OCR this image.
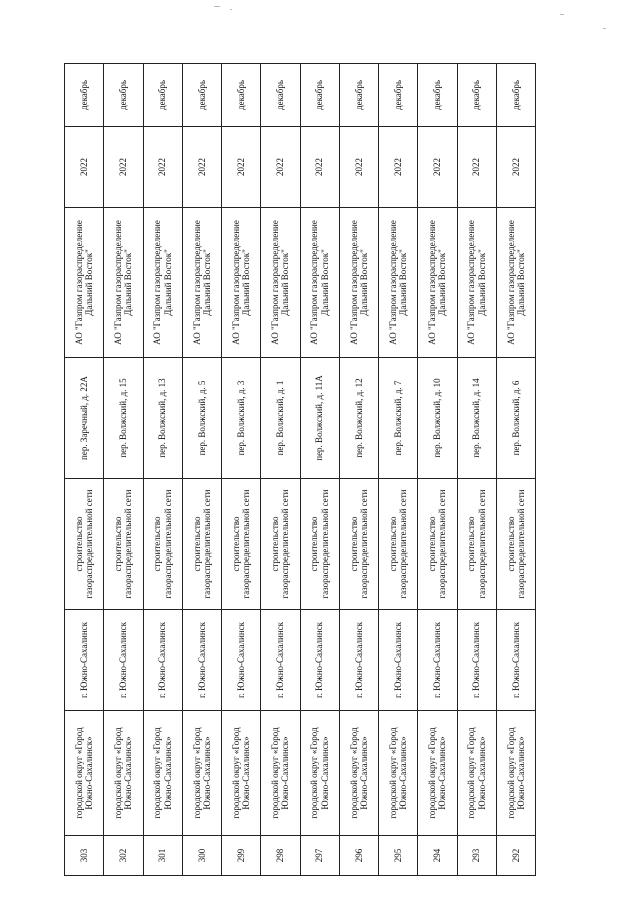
303	городской округ «Город Южно-Сахалинск»	г. Южно-Сахалинск	строительство газораспределительной сети	пер. Заречный, д. 22А	АО "Газпром газораспределение Дальний Восток"	2022	декабрь
302	городской округ «Город Южно-Сахалинск»	г. Южно-Сахалинск	строительство газораспределительной сети	пер. Волжский, д. 15	АО "Газпром газораспределение Дальний Восток"	2022	декабрь
301	городской округ «Город Южно-Сахалинск»	г. Южно-Сахалинск	строительство газораспределительной сети	пер. Волжский, д. 13	АО "Газпром газораспределение Дальний Восток"	2022	декабрь
300	городской округ «Город Южно-Сахалинск»	г. Южно-Сахалинск	строительство газораспределительной сети	пер. Волжский, д. 5	АО "Газпром газораспределение Дальний Восток"	2022	декабрь
299	городской округ «Город Южно-Сахалинск»	г. Южно-Сахалинск	строительство газораспределительной сети	пер. Волжский, д. 3	АО "Газпром газораспределение Дальний Восток"	2022	декабрь
298	городской округ «Город Южно-Сахалинск»	г. Южно-Сахалинск	строительство газораспределительной сети	пер. Волжский, д. 1	АО "Газпром газораспределение Дальний Восток"	2022	декабрь
297	городской округ «Город Южно-Сахалинск»	г. Южно-Сахалинск	строительство газораспределительной сети	пер. Волжский, д. 11А	АО "Газпром газораспределение Дальний Восток"	2022	декабрь
296	городской округ «Город Южно-Сахалинск»	г. Южно-Сахалинск	строительство газораспределительной сети	пер. Волжский, д. 12	АО "Газпром газораспределение Дальний Восток"	2022	декабрь
295	городской округ «Город Южно-Сахалинск»	г. Южно-Сахалинск	строительство газораспределительной сети	пер. Волжский, д. 7	АО "Газпром газораспределение Дальний Восток"	2022	декабрь
294	городской округ «Город Южно-Сахалинск»	г. Южно-Сахалинск	строительство газораспределительной сети	пер. Волжский, д. 10	АО "Газпром газораспределение Дальний Восток"	2022	декабрь
293	городской округ «Город Южно-Сахалинск»	г. Южно-Сахалинск	строительство газораспределительной сети	пер. Волжский, д. 14	АО "Газпром газораспределение Дальний Восток"	2022	декабрь
292	городской округ «Город Южно-Сахалинск»	г. Южно-Сахалинск	строительство газораспределительной сети	пер. Волжский, д. 6	АО "Газпром газораспределение Дальний Восток"	2022	декабрь
